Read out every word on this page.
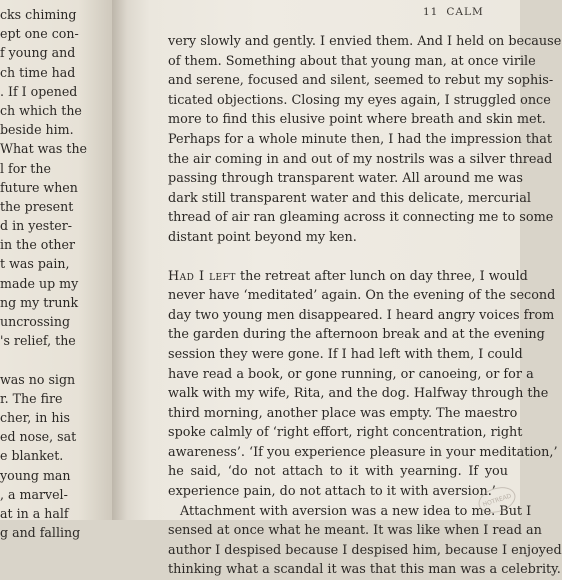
cks chiming
ept one con-
f young and
ch time had
. If I opened
ch which the
beside him.
What was the
l for the
future when
the present
d in yester-
in the other
t was pain,
made up my
ng my trunk
uncrossing
's relief, the
was no sign
r. The fire
cher, in his
ed nose, sat
e blanket.
young man
, a marvel-
at in a half
g and falling
11 CALM
very slowly and gently. I envied them. And I held on because
of them. Something about that young man, at once virile
and serene, focused and silent, seemed to rebut my sophis-
ticated objections. Closing my eyes again, I struggled once
more to find this elusive point where breath and skin met.
Perhaps for a whole minute then, I had the impression that
the air coming in and out of my nostrils was a silver thread
passing through transparent water. All around me was
dark still transparent water and this delicate, mercurial
thread of air ran gleaming across it connecting me to some
distant point beyond my ken.
Had I left the retreat after lunch on day three, I would
never have ‘meditated’ again. On the evening of the second
day two young men disappeared. I heard angry voices from
the garden during the afternoon break and at the evening
session they were gone. If I had left with them, I could
have read a book, or gone running, or canoeing, or for a
walk with my wife, Rita, and the dog. Halfway through the
third morning, another place was empty. The maestro
spoke calmly of ‘right effort, right concentration, right
awareness’. ‘If you experience pleasure in your meditation,’
he said, ‘do not attach to it with yearning. If you
experience pain, do not attach to it with aversion.’
Attachment with aversion was a new idea to me. But I
sensed at once what he meant. It was like when I read an
author I despised because I despised him, because I enjoyed
thinking what a scandal it was that this man was a celebrity.
HOTREAD
